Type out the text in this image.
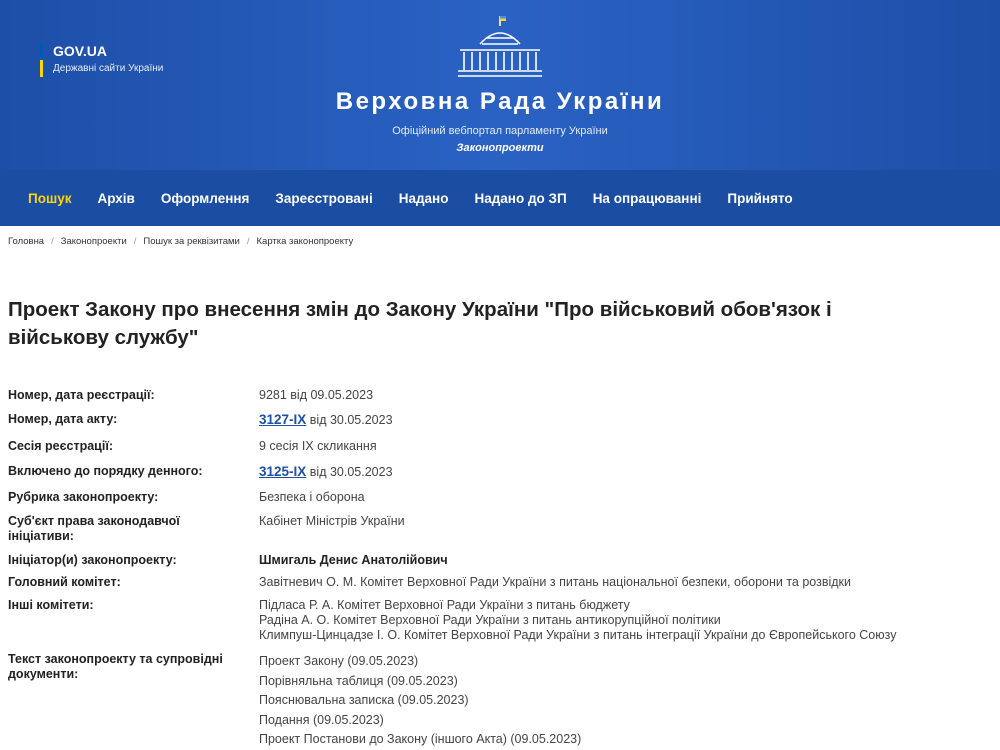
GOV.UA
Державні сайти України
Верховна Рада України
Офіційний вебпортал парламенту України
Законопроекти
Пошук Архів Оформлення Зареєстровані Надано Надано до ЗП На опрацюванні Прийнято
Головна / Законопроекти / Пошук за реквізитами / Картка законопроекту
Проект Закону про внесення змін до Закону України "Про військовий обов'язок і військову службу"
Номер, дата реєстрації:	9281 від 09.05.2023
Номер, дата акту:	3127-IX від 30.05.2023
Сесія реєстрації:	9 сесія IX скликання
Включено до порядку денного:	3125-IX від 30.05.2023
Рубрика законопроекту:	Безпека і оборона
Суб'єкт права законодавчої ініціативи:
Кабінет Міністрів України
Ініціатор(и) законопроекту:	Шмигаль Денис Анатолійович
Головний комітет:	Завітневич О. М. Комітет Верховної Ради України з питань національної безпеки, оборони та розвідки
Інші комітети:	Підласа Р. А. Комітет Верховної Ради України з питань бюджету
Радіна А. О. Комітет Верховної Ради України з питань антикорупційної політики
Климпуш-Цинцадзе І. О. Комітет Верховної Ради України з питань інтеграції України до Європейського Союзу
Текст законопроекту та супровідні документи:
Проект Закону (09.05.2023)
Порівняльна таблиця (09.05.2023)
Пояснювальна записка (09.05.2023)
Подання (09.05.2023)
Проект Постанови до Закону (іншого Акта) (09.05.2023)
